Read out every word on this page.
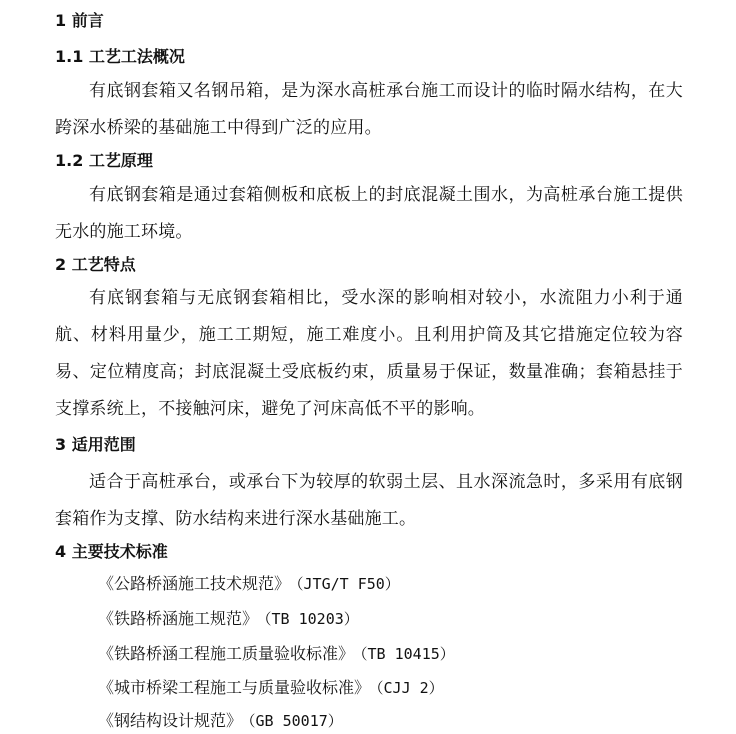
1 前言
1.1 工艺工法概况
有底钢套箱又名钢吊箱，是为深水高桩承台施工而设计的临时隔水结构，在大跨深水桥梁的基础施工中得到广泛的应用。
1.2 工艺原理
有底钢套箱是通过套箱侧板和底板上的封底混凝土围水，为高桩承台施工提供无水的施工环境。
2 工艺特点
有底钢套箱与无底钢套箱相比，受水深的影响相对较小，水流阻力小利于通航、材料用量少，施工工期短，施工难度小。且利用护筒及其它措施定位较为容易、定位精度高；封底混凝土受底板约束，质量易于保证，数量准确；套箱悬挂于支撑系统上，不接触河床，避免了河床高低不平的影响。
3 适用范围
适合于高桩承台，或承台下为较厚的软弱土层、且水深流急时，多采用有底钢套箱作为支撑、防水结构来进行深水基础施工。
4 主要技术标准
《公路桥涵施工技术规范》 （JTG/T F50）
《铁路桥涵施工规范》 （TB 10203）
《铁路桥涵工程施工质量验收标准》 （TB 10415）
《城市桥梁工程施工与质量验收标准》 （CJJ 2）
《钢结构设计规范》 （GB 50017）
